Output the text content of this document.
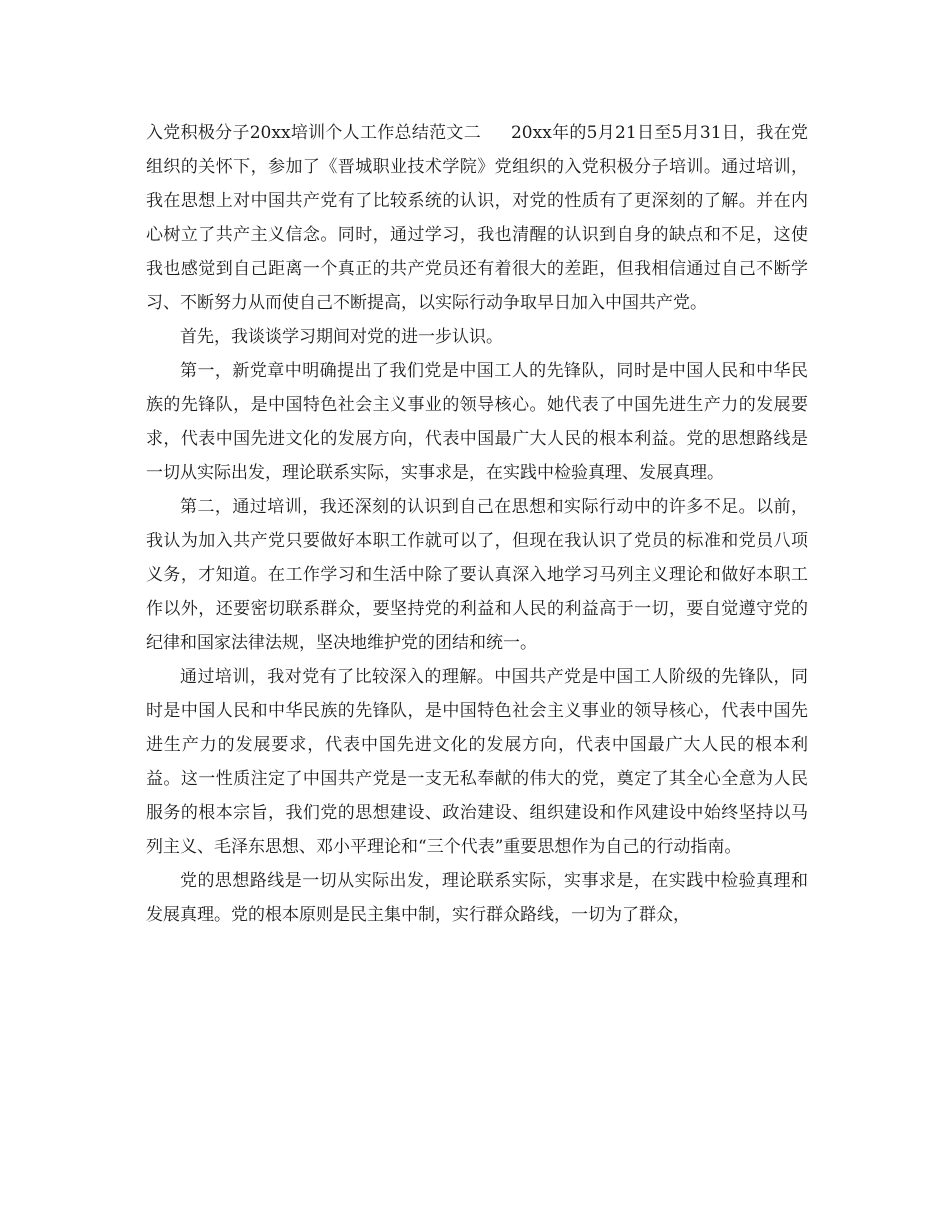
入党积极分子20xx培训个人工作总结范文二 20xx年的5月21日至5月31日，我在党组织的关怀下，参加了《晋城职业技术学院》党组织的入党积极分子培训。通过培训，我在思想上对中国共产党有了比较系统的认识，对党的性质有了更深刻的了解。并在内心树立了共产主义信念。同时，通过学习，我也清醒的认识到自身的缺点和不足，这使我也感觉到自己距离一个真正的共产党员还有着很大的差距，但我相信通过自己不断学习、不断努力从而使自己不断提高，以实际行动争取早日加入中国共产党。

首先，我谈谈学习期间对党的进一步认识。

第一，新党章中明确提出了我们党是中国工人的先锋队，同时是中国人民和中华民族的先锋队，是中国特色社会主义事业的领导核心。她代表了中国先进生产力的发展要求，代表中国先进文化的发展方向，代表中国最广大人民的根本利益。党的思想路线是一切从实际出发，理论联系实际，实事求是，在实践中检验真理、发展真理。

第二，通过培训，我还深刻的认识到自己在思想和实际行动中的许多不足。以前，我认为加入共产党只要做好本职工作就可以了，但现在我认识了党员的标准和党员八项义务，才知道。在工作学习和生活中除了要认真深入地学习马列主义理论和做好本职工作以外，还要密切联系群众，要坚持党的利益和人民的利益高于一切，要自觉遵守党的纪律和国家法律法规，坚决地维护党的团结和统一。

通过培训，我对党有了比较深入的理解。中国共产党是中国工人阶级的先锋队，同时是中国人民和中华民族的先锋队，是中国特色社会主义事业的领导核心，代表中国先进生产力的发展要求，代表中国先进文化的发展方向，代表中国最广大人民的根本利益。这一性质注定了中国共产党是一支无私奉献的伟大的党，奠定了其全心全意为人民服务的根本宗旨，我们党的思想建设、政治建设、组织建设和作风建设中始终坚持以马列主义、毛泽东思想、邓小平理论和“三个代表”重要思想作为自己的行动指南。

党的思想路线是一切从实际出发，理论联系实际，实事求是，在实践中检验真理和发展真理。党的根本原则是民主集中制，实行群众路线，一切为了群众，
